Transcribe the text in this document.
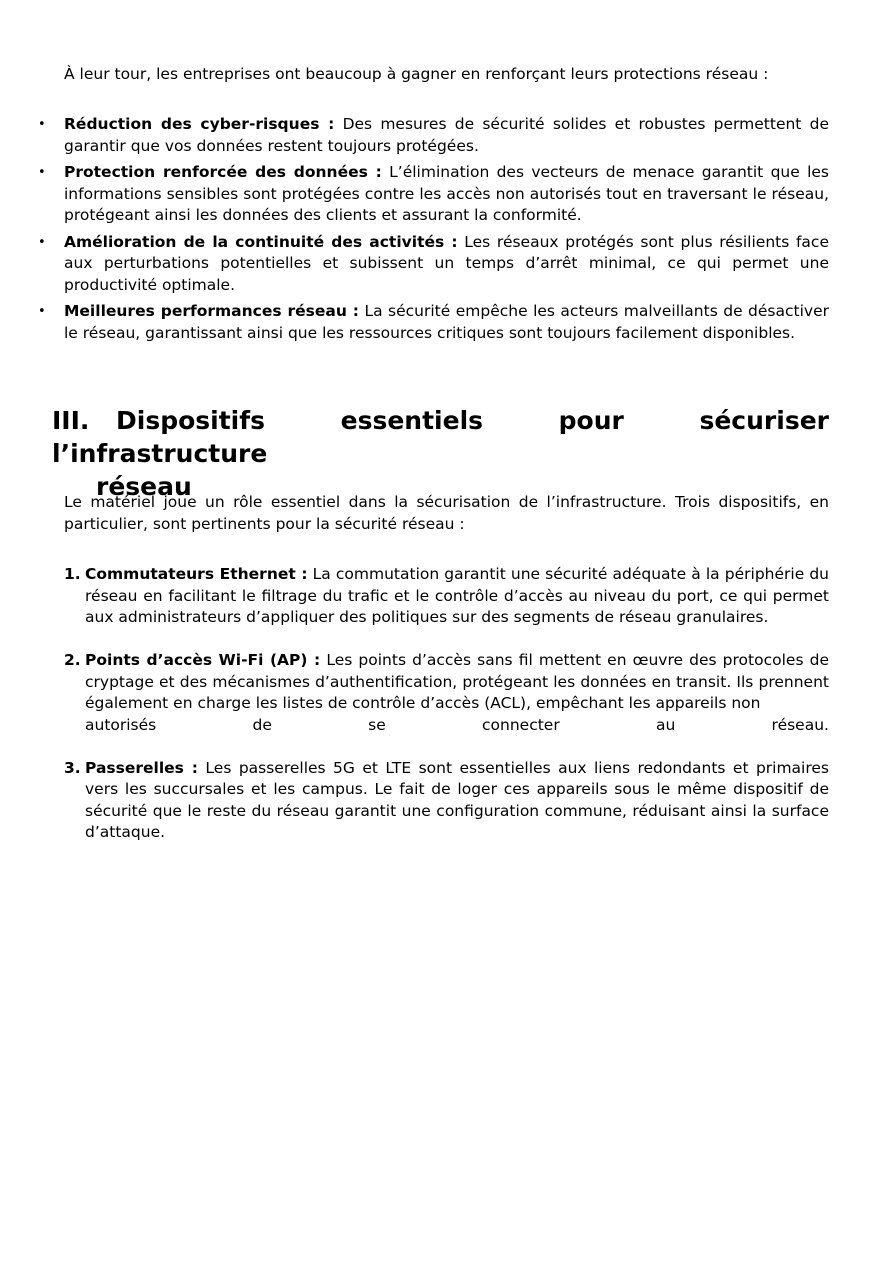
À leur tour, les entreprises ont beaucoup à gagner en renforçant leurs protections réseau :

• Réduction des cyber-risques : Des mesures de sécurité solides et robustes permettent de garantir que vos données restent toujours protégées.
• Protection renforcée des données : L’élimination des vecteurs de menace garantit que les informations sensibles sont protégées contre les accès non autorisés tout en traversant le réseau, protégeant ainsi les données des clients et assurant la conformité.
• Amélioration de la continuité des activités : Les réseaux protégés sont plus résilients face aux perturbations potentielles et subissent un temps d’arrêt minimal, ce qui permet une productivité optimale.
• Meilleures performances réseau : La sécurité empêche les acteurs malveillants de désactiver le réseau, garantissant ainsi que les ressources critiques sont toujours facilement disponibles.
III. Dispositifs essentiels pour sécuriser l’infrastructure
réseau

Le matériel joue un rôle essentiel dans la sécurisation de l’infrastructure. Trois dispositifs, en particulier, sont pertinents pour la sécurité réseau :

1. Commutateurs Ethernet : La commutation garantit une sécurité adéquate à la périphérie du réseau en facilitant le filtrage du trafic et le contrôle d’accès au niveau du port, ce qui permet aux administrateurs d’appliquer des politiques sur des segments de réseau granulaires.
2. Points d’accès Wi-Fi (AP) : Les points d’accès sans fil mettent en œuvre des protocoles de cryptage et des mécanismes d’authentification, protégeant les données en transit. Ils prennent également en charge les listes de contrôle d’accès (ACL), empêchant les appareils non
autorisés	de	se	connecter	au	réseau.
3. Passerelles : Les passerelles 5G et LTE sont essentielles aux liens redondants et primaires vers les succursales et les campus. Le fait de loger ces appareils sous le même dispositif de sécurité que le reste du réseau garantit une configuration commune, réduisant ainsi la surface d’attaque.
